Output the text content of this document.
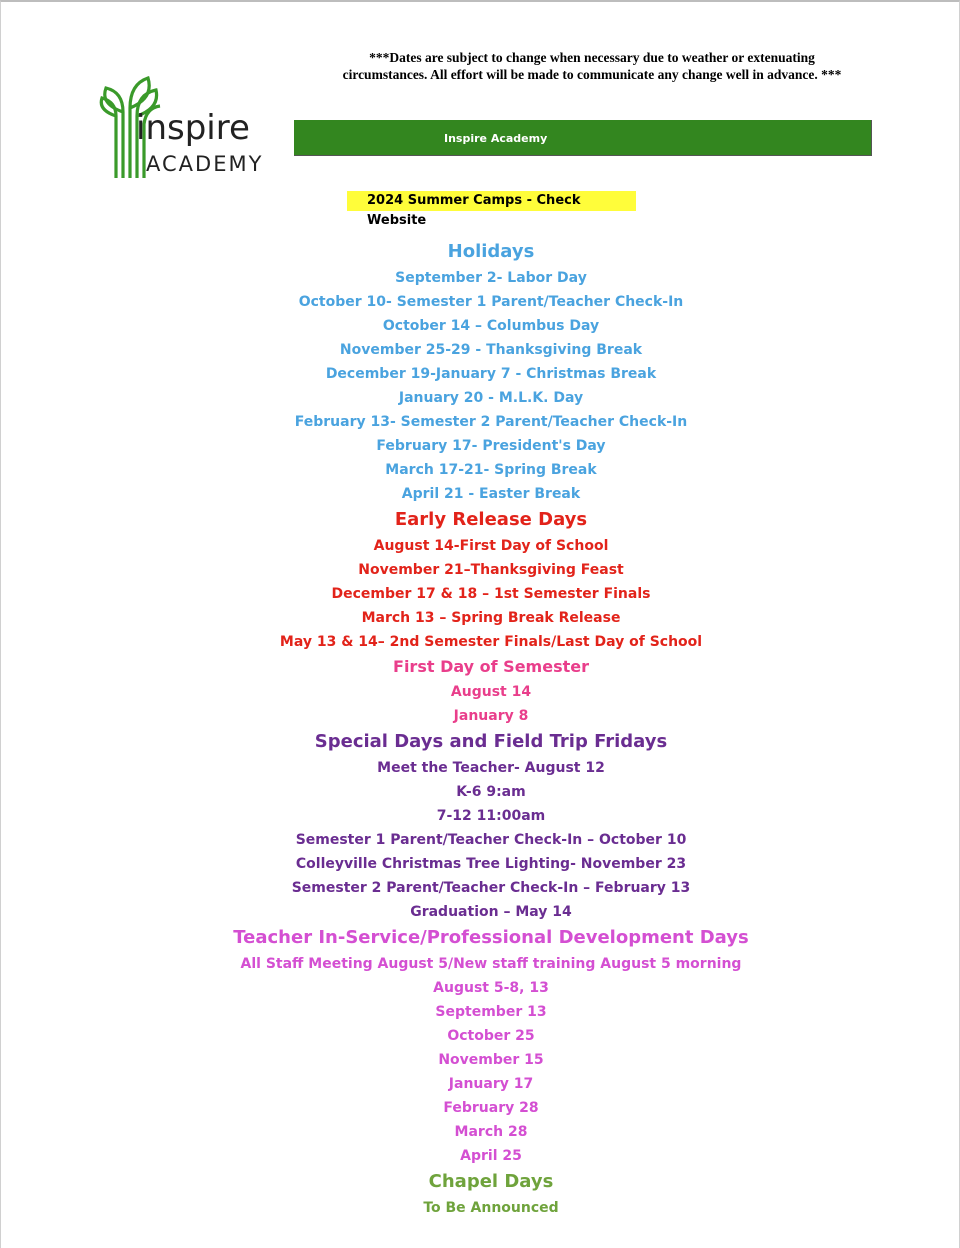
***Dates are subject to change when necessary due to weather or extenuating
circumstances. All effort will be made to communicate any change well in advance. ***
inspire
ACADEMY
Inspire Academy
2024 Summer Camps - Check Website
Holidays
September 2- Labor Day
October 10- Semester 1 Parent/Teacher Check-In
October 14 – Columbus Day
November 25-29 - Thanksgiving Break
December 19-January 7 - Christmas Break
January 20 - M.L.K. Day
February 13- Semester 2 Parent/Teacher Check-In
February 17- President's Day
March 17-21- Spring Break
April 21 - Easter Break
Early Release Days
August 14-First Day of School
November 21–Thanksgiving Feast
December 17 & 18 – 1st Semester Finals
March 13 – Spring Break Release
May 13 & 14– 2nd Semester Finals/Last Day of School
First Day of Semester
August 14
January 8
Special Days and Field Trip Fridays
Meet the Teacher- August 12
K-6 9:am
7-12 11:00am
Semester 1 Parent/Teacher Check-In – October 10
Colleyville Christmas Tree Lighting- November 23
Semester 2 Parent/Teacher Check-In – February 13
Graduation – May 14
Teacher In-Service/Professional Development Days
All Staff Meeting August 5/New staff training August 5 morning
August 5-8, 13
September 13
October 25
November 15
January 17
February 28
March 28
April 25
Chapel Days
To Be Announced
